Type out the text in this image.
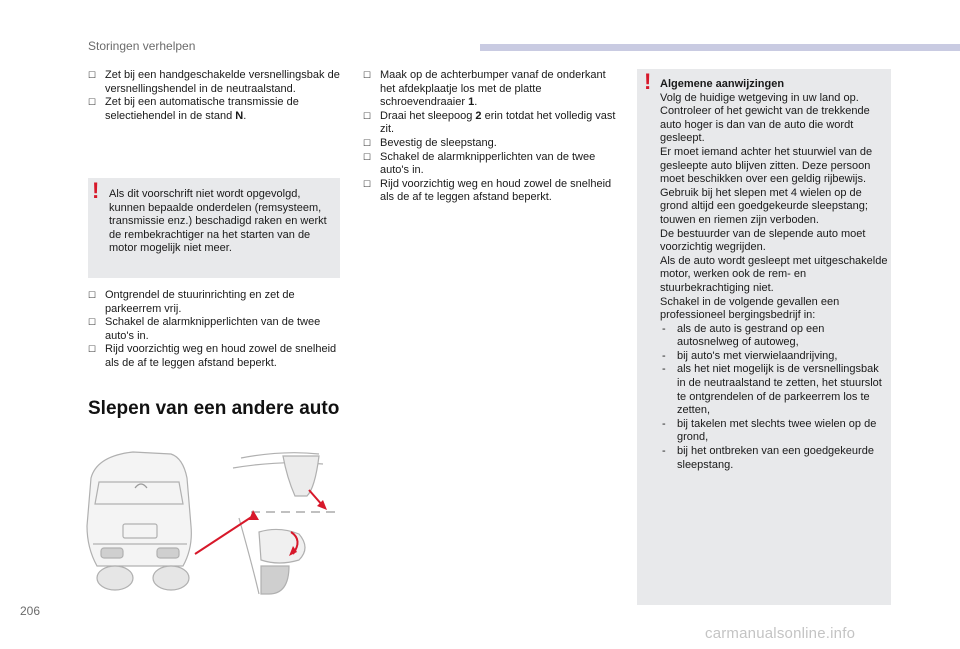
Storingen verhelpen
☐ Zet bij een handgeschakelde versnellingsbak de versnellingshendel in de neutraalstand.
☐ Zet bij een automatische transmissie de selectiehendel in de stand N.
! Als dit voorschrift niet wordt opgevolgd, kunnen bepaalde onderdelen (remsysteem, transmissie enz.) beschadigd raken en werkt de rembekrachtiger na het starten van de motor mogelijk niet meer.
☐ Ontgrendel de stuurinrichting en zet de parkeerrem vrij.
☐ Schakel de alarmknipperlichten van de twee auto's in.
☐ Rijd voorzichtig weg en houd zowel de snelheid als de af te leggen afstand beperkt.
Slepen van een andere auto
☐ Maak op de achterbumper vanaf de onderkant het afdekplaatje los met de platte schroevendraaier 1.
☐ Draai het sleepoog 2 erin totdat het volledig vast zit.
☐ Bevestig de sleepstang.
☐ Schakel de alarmknipperlichten van de twee auto's in.
☐ Rijd voorzichtig weg en houd zowel de snelheid als de af te leggen afstand beperkt.
! Algemene aanwijzingen
Volg de huidige wetgeving in uw land op.
Controleer of het gewicht van de trekkende auto hoger is dan van de auto die wordt gesleept.
Er moet iemand achter het stuurwiel van de gesleepte auto blijven zitten. Deze persoon moet beschikken over een geldig rijbewijs.
Gebruik bij het slepen met 4 wielen op de grond altijd een goedgekeurde sleepstang; touwen en riemen zijn verboden.
De bestuurder van de slepende auto moet voorzichtig wegrijden.
Als de auto wordt gesleept met uitgeschakelde motor, werken ook de rem- en stuurbekrachtiging niet.
Schakel in de volgende gevallen een professioneel bergingsbedrijf in:
- als de auto is gestrand op een autosnelweg of autoweg,
- bij auto's met vierwielaandrijving,
- als het niet mogelijk is de versnellingsbak in de neutraalstand te zetten, het stuurslot te ontgrendelen of de parkeerrem los te zetten,
- bij takelen met slechts twee wielen op de grond,
- bij het ontbreken van een goedgekeurde sleepstang.
206
carmanualsonline.info
